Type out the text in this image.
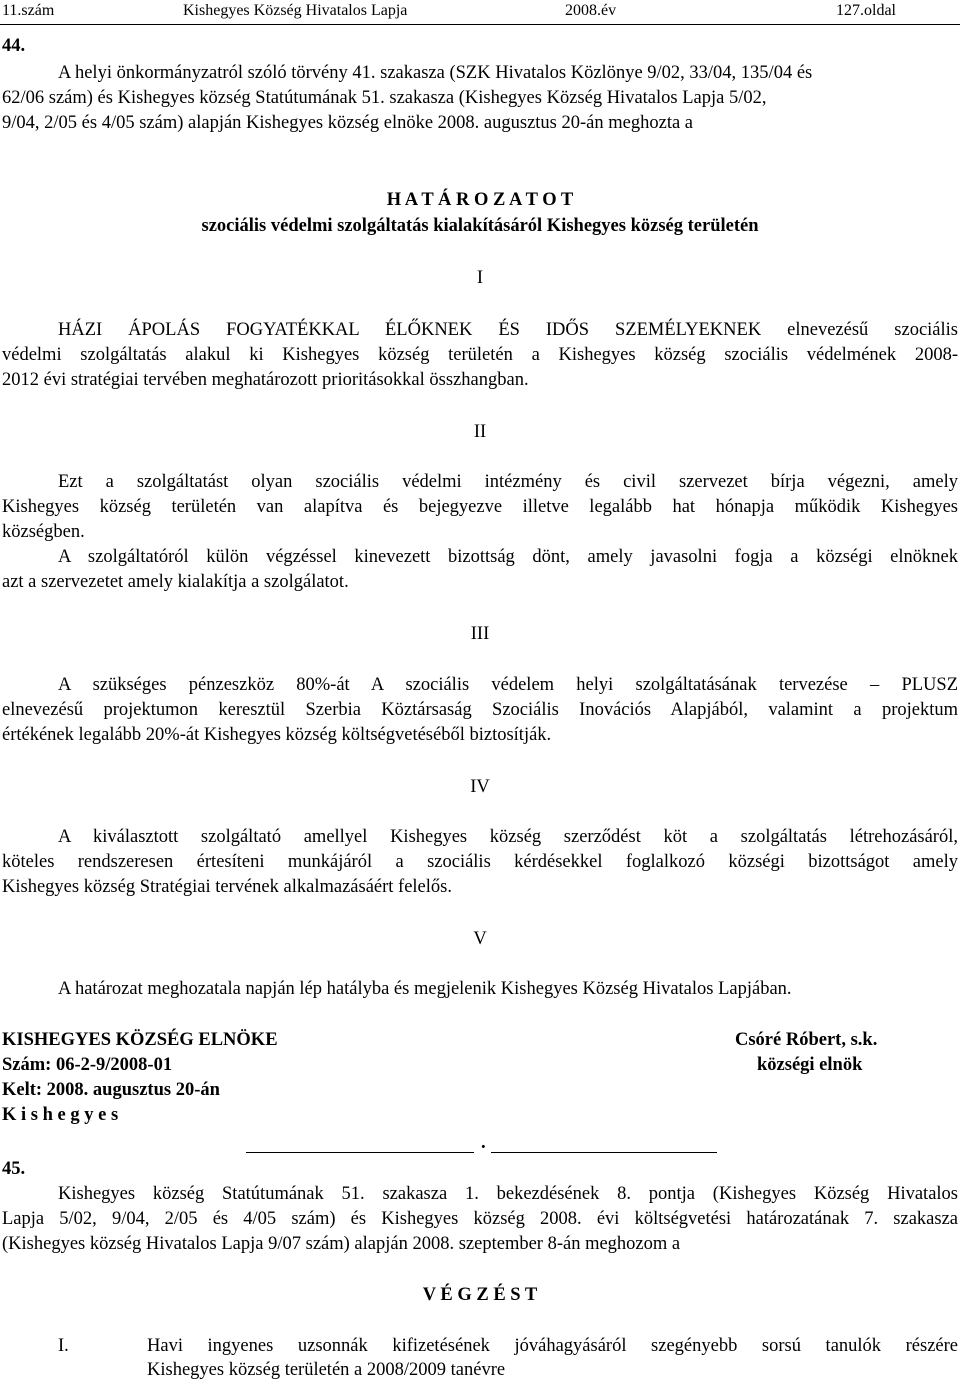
11.szám	Kishegyes Község Hivatalos Lapja	2008.év	127.oldal
44.
A helyi önkormányzatról szóló törvény 41. szakasza (SZK Hivatalos Közlönye 9/02, 33/04, 135/04 és
62/06 szám) és Kishegyes község Statútumának 51. szakasza (Kishegyes Község Hivatalos Lapja 5/02,
9/04, 2/05 és 4/05 szám) alapján Kishegyes község elnöke 2008. augusztus 20-án meghozta a
H A T Á R O Z A T O T
szociális védelmi szolgáltatás kialakításáról Kishegyes község területén
I
HÁZI ÁPOLÁS FOGYATÉKKAL ÉLŐKNEK ÉS IDŐS SZEMÉLYEKNEK elnevezésű szociális
védelmi szolgáltatás alakul ki Kishegyes község területén a Kishegyes község szociális védelmének 2008-
2012 évi stratégiai tervében meghatározott prioritásokkal összhangban.
II
Ezt a szolgáltatást olyan szociális védelmi intézmény és civil szervezet bírja végezni, amely
Kishegyes község területén van alapítva és bejegyezve illetve legalább hat hónapja működik Kishegyes
községben.
A szolgáltatóról külön végzéssel kinevezett bizottság dönt, amely javasolni fogja a községi elnöknek
azt a szervezetet amely kialakítja a szolgálatot.
III
A szükséges pénzeszköz 80%-át A szociális védelem helyi szolgáltatásának tervezése – PLUSZ
elnevezésű projektumon keresztül Szerbia Köztársaság Szociális Inovációs Alapjából, valamint a projektum
értékének legalább 20%-át Kishegyes község költségvetéséből biztosítják.
IV
A kiválasztott szolgáltató amellyel Kishegyes község szerződést köt a szolgáltatás létrehozásáról,
köteles rendszeresen értesíteni munkájáról a szociális kérdésekkel foglalkozó községi bizottságot amely
Kishegyes község Stratégiai tervének alkalmazásáért felelős.
V
A határozat meghozatala napján lép hatályba és megjelenik Kishegyes Község Hivatalos Lapjában.
KISHEGYES KÖZSÉG ELNÖKE
Szám: 06-2-9/2008-01
Kelt: 2008. augusztus 20-án
K i s h e g y e s
Csóré Róbert, s.k.
községi elnök
.
45.
Kishegyes község Statútumának 51. szakasza 1. bekezdésének 8. pontja (Kishegyes Község Hivatalos
Lapja 5/02, 9/04, 2/05 és 4/05 szám) és Kishegyes község 2008. évi költségvetési határozatának 7. szakasza
(Kishegyes község Hivatalos Lapja 9/07 szám) alapján 2008. szeptember 8-án meghozom a
V É G Z É S T
I.	Havi ingyenes uzsonnák kifizetésének jóváhagyásáról szegényebb sorsú tanulók részére
Kishegyes község területén a 2008/2009 tanévre
